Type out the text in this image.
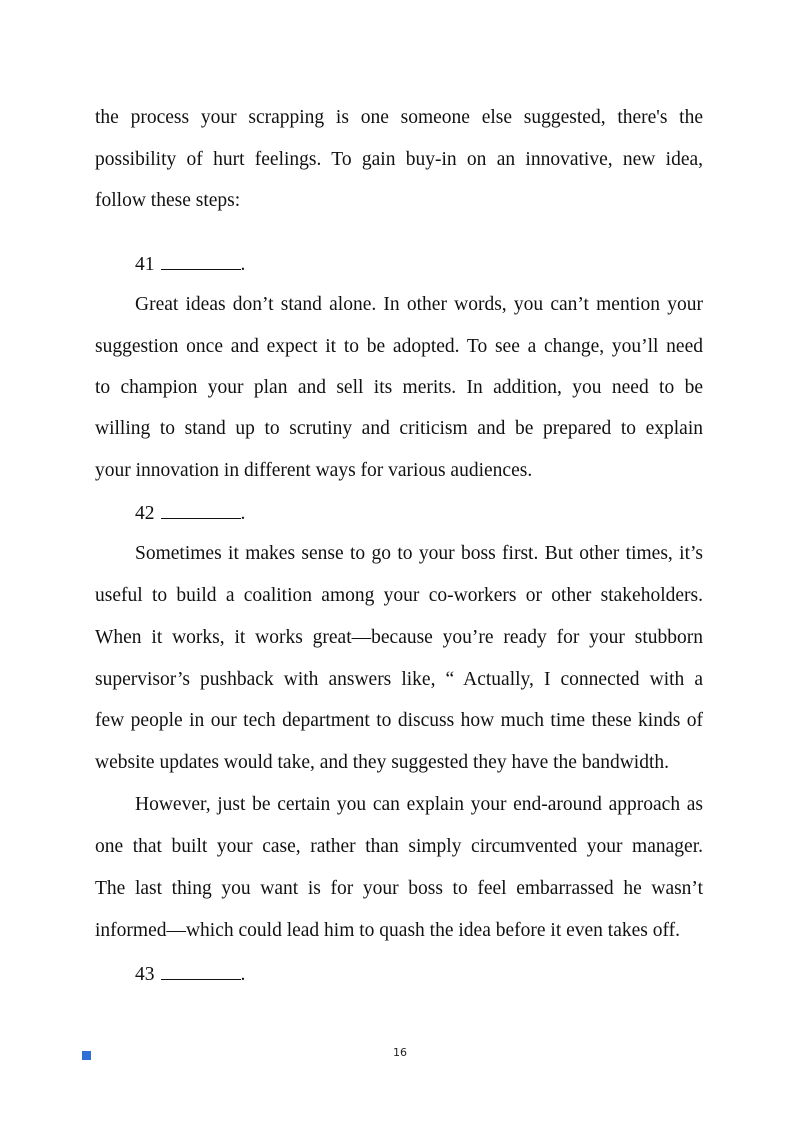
the process your scrapping is one someone else suggested, there's the
possibility of hurt feelings. To gain buy-in on an innovative, new idea,
follow these steps:
41	.
Great ideas don’t stand alone. In other words, you can’t mention your
suggestion once and expect it to be adopted. To see a change, you’ll need
to champion your plan and sell its merits. In addition, you need to be
willing to stand up to scrutiny and criticism and be prepared to explain
your innovation in different ways for various audiences.
42	.
Sometimes it makes sense to go to your boss first. But other times, it’s
useful to build a coalition among your co-workers or other stakeholders.
When it works, it works great—because you’re ready for your stubborn
supervisor’s pushback with answers like, “ Actually, I connected with a
few people in our tech department to discuss how much time these kinds of
website updates would take, and they suggested they have the bandwidth.
However, just be certain you can explain your end-around approach as
one that built your case, rather than simply circumvented your manager.
The last thing you want is for your boss to feel embarrassed he wasn’t
informed—which could lead him to quash the idea before it even takes off.
43	.
16
